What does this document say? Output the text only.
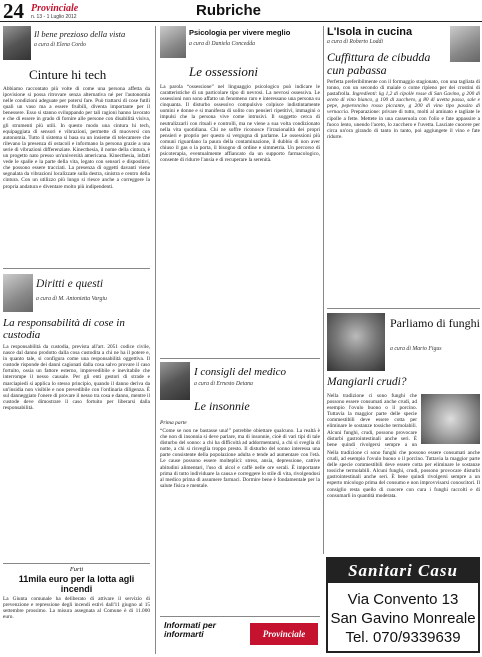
24 Provinciale
n. 13 - 1 Luglio 2012	Rubriche
Il bene prezioso della vista
a cura di Elena Cordo
Cinture hi tech
Abbiamo raccontato più volte di come una persona affetta da ipovisione si possa ritrovare senza alternativa né per l'autonomia nelle condizioni adeguate per potersi fare. Può trattarsi di cose futili quali un vaso ma a essere fruibili, diventa importante per il benessere. Esso si stanno sviluppando per tali ragioni hanno lavorato e che di essere in grado di fornire alle persone con disabilità visiva, gli strumenti più utili. In questo modo una cintura hi tech, equipaggiata di sensori e vibrazioni, permette di muoversi con autonomia. Tutto il sistema si basa su un insieme di telecamere che rilevano la presenza di ostacoli e informano la persona grazie a una serie di vibrazioni differenziate. Kinecthesia, il nome della cintura, è un progetto nato presso un'università americana. Kinecthesia, infatti vede le spalle e la parte della vita, legato con sensori e dispositivi, che possono essere tracciati. La presenza di oggetti davanti viene segnalata da vibrazioni localizzate sulla destra, sinistra e centro della cintura. Con un utilizzo più lungo si riesce anche a correggere la propria andatura e diventare molto più indipendenti.
Diritti e questi
a cura di M. Antonietta Vargiu
La responsabilità di cose in custodia
La responsabilità da custodia, prevista all'art. 2051 codice civile, nasce dal danno prodotto dalla cosa custodita a chi ne ha il potere e, in quanto tale, si configura come una responsabilità oggettiva. Il custode risponde dei danni cagionati dalla cosa salvo provare il caso fortuito, ossia un fattore esterno, imprevedibile e inevitabile che interrompe il nesso causale. Per gli enti gestori di strade e marciapiedi si applica lo stesso principio, quando il danno deriva da un'insidia non visibile e non prevedibile con l'ordinaria diligenza. È sul danneggiato l'onere di provare il nesso tra cosa e danno, mentre il custode deve dimostrare il caso fortuito per liberarsi dalla responsabilità.
Furti
11mila euro per la lotta agli incendi
La Giunta comunale ha deliberato di attivare il servizio di prevenzione e repressione degli incendi estivi dall'11 giugno al 15 settembre prossimo. La misura assegnata al Comune è di 11.000 euro.
Psicologia per vivere meglio
a cura di Daniela Concedda
Le ossessioni
La parola “ossessione” nel linguaggio psicologico può indicare le caratteristiche di un particolare tipo di nevrosi. La nevrosi ossessiva. Le ossessioni non sono affatto un fenomeno raro e interessano una persona su cinquanta. Il disturbo ossessivo compulsivo colpisce indistintamente uomini e donne e si manifesta di solito con pensieri ripetitivi, immagini o impulsi che la persona vive come intrusivi. Il soggetto cerca di neutralizzarli con rituali e controlli, ma ne viene a sua volta condizionato nella vita quotidiana. Chi ne soffre riconosce l'irrazionalità dei propri pensieri e proprio per questo si vergogna di parlarne. Le ossessioni più comuni riguardano la paura della contaminazione, il dubbio di non aver chiuso il gas o la porta, il bisogno di ordine e simmetria. Un percorso di psicoterapia, eventualmente affiancato da un supporto farmacologico, consente di ridurre l'ansia e di recuperare la serenità.
I consigli del medico
a cura di Ernesto Deiana
Le insonnie
Prima parte
“Come se non ne bastasse una!” potrebbe obiettare qualcuno. La realtà è che non di insonnia si deve parlare, ma di insonnie, cioè di vari tipi di tale disturbo del sonno: a chi ha difficoltà ad addormentarsi, a chi si sveglia di notte, a chi si risveglia troppo presto. Il disturbo del sonno interessa una parte consistente della popolazione adulta e tende ad aumentare con l'età. Le cause possono essere molteplici: stress, ansia, depressione, cattive abitudini alimentari, l'uso di alcol e caffè nelle ore serali. È importante prima di tutto individuare la causa e correggere lo stile di vita, rivolgendosi al medico prima di assumere farmaci. Dormire bene è fondamentale per la salute fisica e mentale.
Informati per informarti	Provinciale
L'Isola in cucina
a cura di Roberto Loddi
Cuffittura de cibudda cun pabassa
Perfetta preferibilmente con il formaggio stagionato, con una tagliata di tonno, con un secondo di maiale o come ripieno per dei crostini di pastafrolla. Ingredienti: kg 1,2 di cipolle rosse di San Gavino, g 200 di aceto di vino bianco, g 100 di zucchero, g 80 di uvetta passa, sale e pepe, peperoncino rosso piccante, g 200 di vino tipo passito di vernaccia. Preparazione: privare di tutto, molti al aminato e tagliate le cipolle a fette. Mettete in una casseruola con l'olio e fate appassire a fuoco lento, unendo l'aceto, lo zucchero e l'uvetta. Lasciate cuocere per circa un'ora girando di tanto in tanto, poi aggiungete il vino e fate ridurre.
Parliamo di funghi
a cura di Mario Figus
Mangiarli crudi?
Nella tradizione ci sono funghi che possono essere consumati anche crudi, ad esempio l'ovulo buono o il porcino. Tuttavia la maggior parte delle specie commestibili deve essere cotta per eliminare le sostanze tossiche termolabili. Alcuni funghi, crudi, possono provocare disturbi gastrointestinali anche seri. È bene quindi rivolgersi sempre a un
Nella tradizione ci sono funghi che possono essere consumati anche crudi, ad esempio l'ovulo buono o il porcino. Tuttavia la maggior parte delle specie commestibili deve essere cotta per eliminare le sostanze tossiche termolabili. Alcuni funghi, crudi, possono provocare disturbi gastrointestinali anche seri. È bene quindi rivolgersi sempre a un esperto micologo prima del consumo e non improvvisarsi conoscitori. Il consiglio resta quello di cuocere con cura i funghi raccolti e di consumarli in quantità moderata.
Sanitari Casu
Via Convento 13
San Gavino Monreale
Tel. 070/9339639
